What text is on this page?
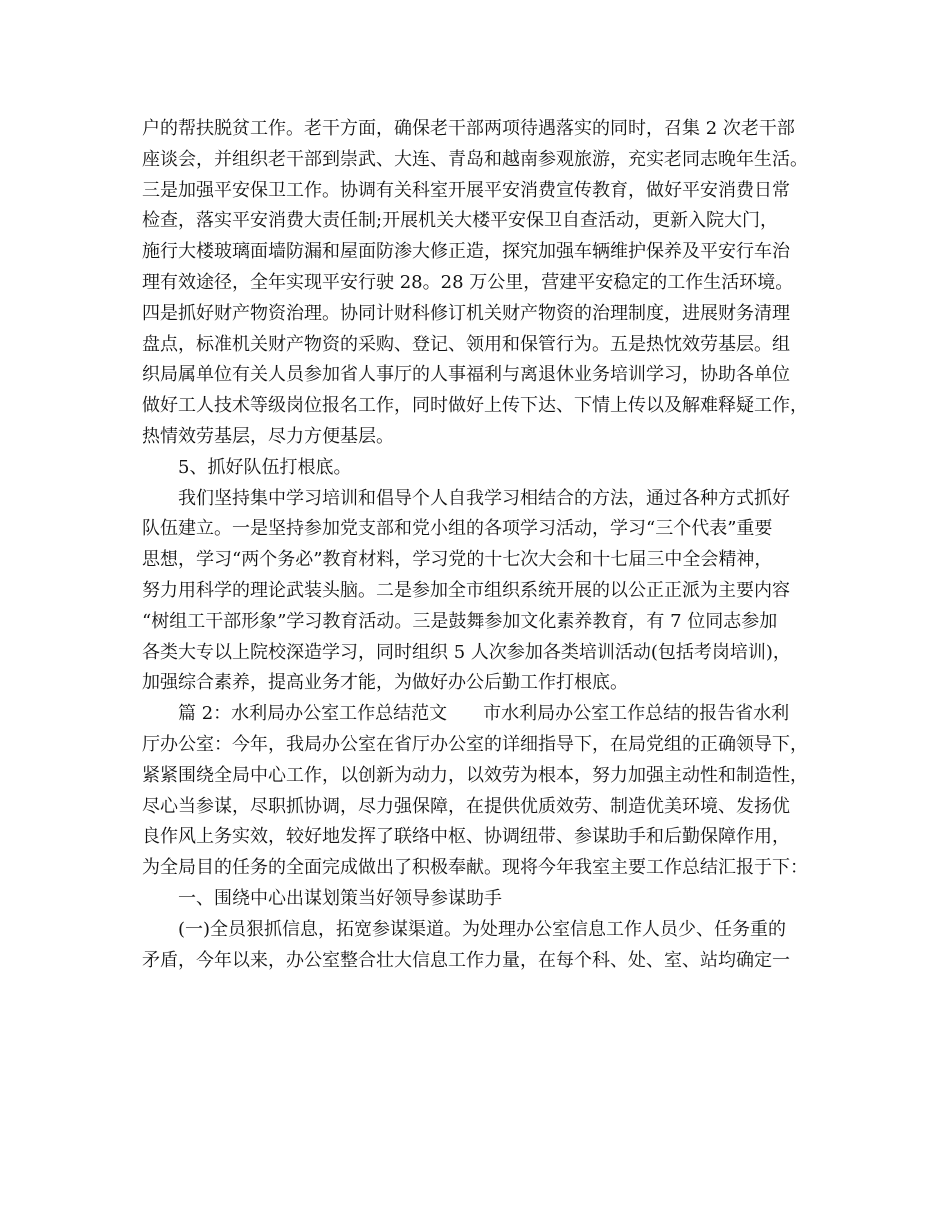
户的帮扶脱贫工作。老干方面，确保老干部两项待遇落实的同时，召集 2 次老干部
座谈会，并组织老干部到崇武、大连、青岛和越南参观旅游，充实老同志晚年生活。
三是加强平安保卫工作。协调有关科室开展平安消费宣传教育，做好平安消费日常
检查，落实平安消费大责任制;开展机关大楼平安保卫自查活动，更新入院大门，
施行大楼玻璃面墙防漏和屋面防渗大修正造，探究加强车辆维护保养及平安行车治
理有效途径，全年实现平安行驶 28。28 万公里，营建平安稳定的工作生活环境。
四是抓好财产物资治理。协同计财科修订机关财产物资的治理制度，进展财务清理
盘点，标准机关财产物资的采购、登记、领用和保管行为。五是热忱效劳基层。组
织局属单位有关人员参加省人事厅的人事福利与离退休业务培训学习，协助各单位
做好工人技术等级岗位报名工作，同时做好上传下达、下情上传以及解难释疑工作，
热情效劳基层，尽力方便基层。
　　5、抓好队伍打根底。
　　我们坚持集中学习培训和倡导个人自我学习相结合的方法，通过各种方式抓好
队伍建立。一是坚持参加党支部和党小组的各项学习活动，学习“三个代表”重要
思想，学习“两个务必”教育材料，学习党的十七次大会和十七届三中全会精神，
努力用科学的理论武装头脑。二是参加全市组织系统开展的以公正正派为主要内容
“树组工干部形象”学习教育活动。三是鼓舞参加文化素养教育，有 7 位同志参加
各类大专以上院校深造学习，同时组织 5 人次参加各类培训活动(包括考岗培训)，
加强综合素养，提高业务才能，为做好办公后勤工作打根底。
　　篇 2：水利局办公室工作总结范文　　市水利局办公室工作总结的报告省水利
厅办公室：今年，我局办公室在省厅办公室的详细指导下，在局党组的正确领导下，
紧紧围绕全局中心工作，以创新为动力，以效劳为根本，努力加强主动性和制造性，
尽心当参谋，尽职抓协调，尽力强保障，在提供优质效劳、制造优美环境、发扬优
良作风上务实效，较好地发挥了联络中枢、协调纽带、参谋助手和后勤保障作用，
为全局目的任务的全面完成做出了积极奉献。现将今年我室主要工作总结汇报于下：
　　一、围绕中心出谋划策当好领导参谋助手
　　(一)全员狠抓信息，拓宽参谋渠道。为处理办公室信息工作人员少、任务重的
矛盾，今年以来，办公室整合壮大信息工作力量，在每个科、处、室、站均确定一
